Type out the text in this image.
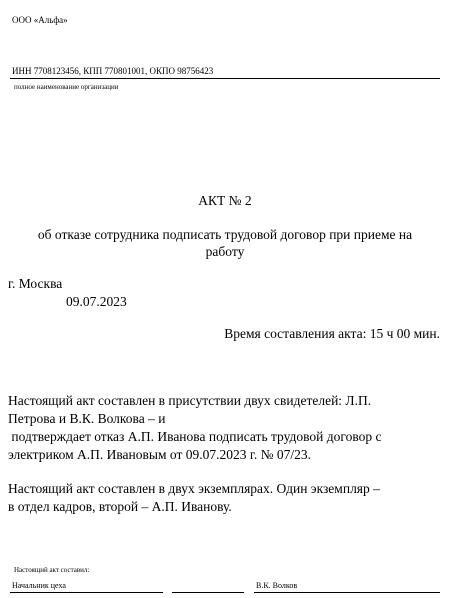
ООО «Альфа»
ИНН 7708123456, КПП 770801001, ОКПО 98756423
полное наименование организации
АКТ № 2
об отказе сотрудника подписать трудовой договор при приеме на
работу
г. Москва
09.07.2023
Время составления акта: 15 ч 00 мин.
Настоящий акт составлен в присутствии двух свидетелей: Л.П.
Петрова и В.К. Волкова – и
подтверждает отказ А.П. Иванова подписать трудовой договор с
электриком А.П. Ивановым от 09.07.2023 г. № 07/23.
Настоящий акт составлен в двух экземплярах. Один экземпляр –
в отдел кадров, второй – А.П. Иванову.
Настоящий акт составил:
Начальник цеха	В.К. Волков
